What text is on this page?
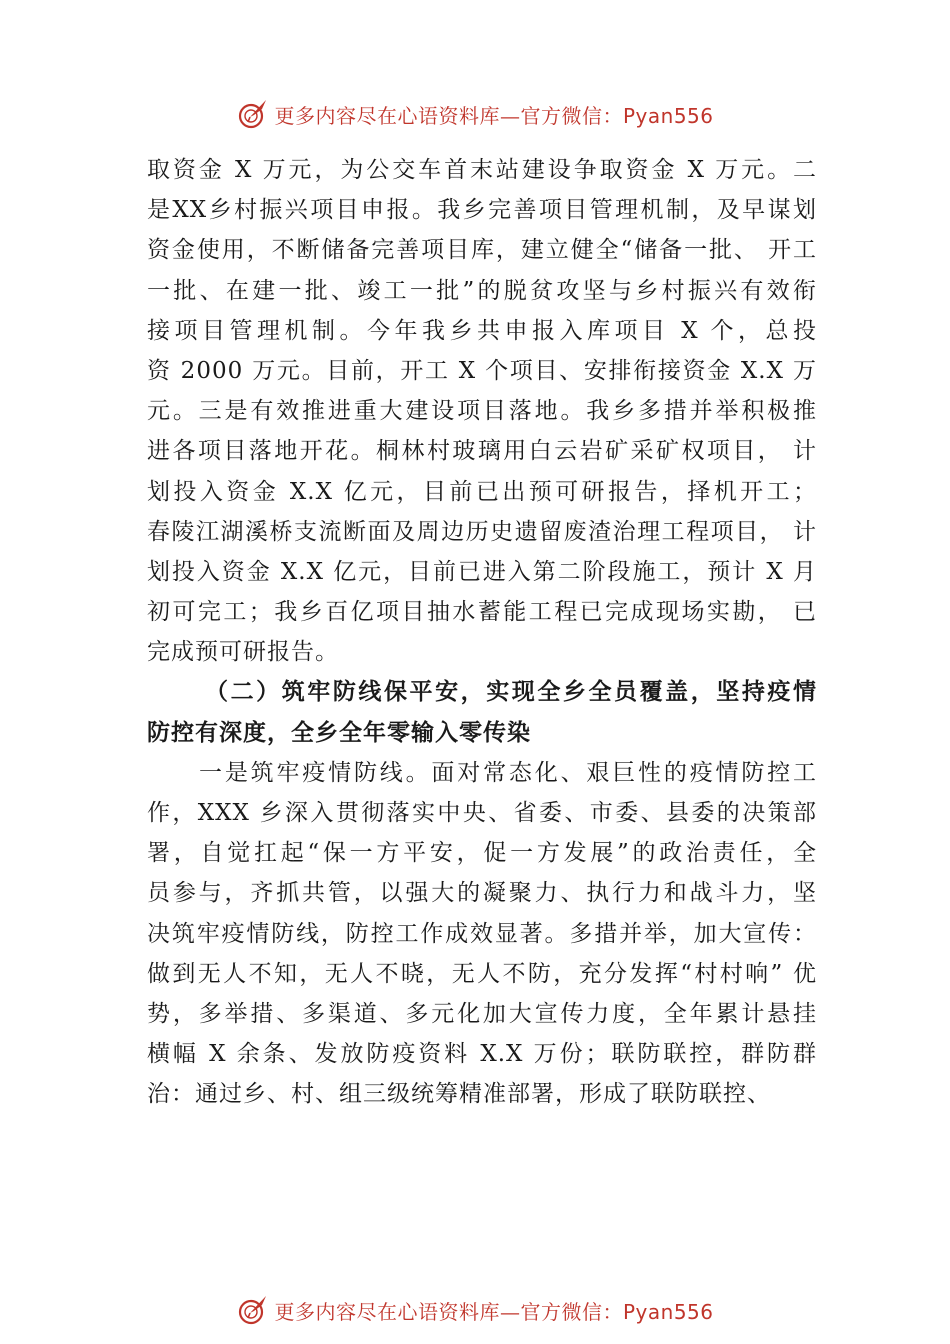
更多内容尽在心语资料库—官方微信：Pyan556
取资金 X 万元，为公交车首末站建设争取资金 X 万元。二
是XX乡村振兴项目申报。我乡完善项目管理机制，及早谋划
资金使用，不断储备完善项目库，建立健全“储备一批、 开工
一批、在建一批、竣工一批”的脱贫攻坚与乡村振兴有效衔
接项目管理机制。今年我乡共申报入库项目 X 个，总投
资 2000 万元。目前，开工 X 个项目、安排衔接资金 X.X 万
元。三是有效推进重大建设项目落地。我乡多措并举积极推
进各项目落地开花。桐林村玻璃用白云岩矿采矿权项目， 计
划投入资金 X.X 亿元，目前已出预可研报告，择机开工；
春陵江湖溪桥支流断面及周边历史遗留废渣治理工程项目， 计
划投入资金 X.X 亿元，目前已进入第二阶段施工，预计 X 月
初可完工；我乡百亿项目抽水蓄能工程已完成现场实勘， 已
完成预可研报告。
（二）筑牢防线保平安，实现全乡全员覆盖，坚持疫情
防控有深度，全乡全年零输入零传染
一是筑牢疫情防线。面对常态化、艰巨性的疫情防控工
作，XXX 乡深入贯彻落实中央、省委、市委、县委的决策部
署，自觉扛起“保一方平安，促一方发展”的政治责任，全
员参与，齐抓共管，以强大的凝聚力、执行力和战斗力，坚
决筑牢疫情防线，防控工作成效显著。多措并举，加大宣传：
做到无人不知，无人不晓，无人不防，充分发挥“村村响” 优
势，多举措、多渠道、多元化加大宣传力度，全年累计悬挂
横幅 X 余条、发放防疫资料 X.X 万份；联防联控，群防群
治：通过乡、村、组三级统筹精准部署，形成了联防联控、
更多内容尽在心语资料库—官方微信：Pyan556
